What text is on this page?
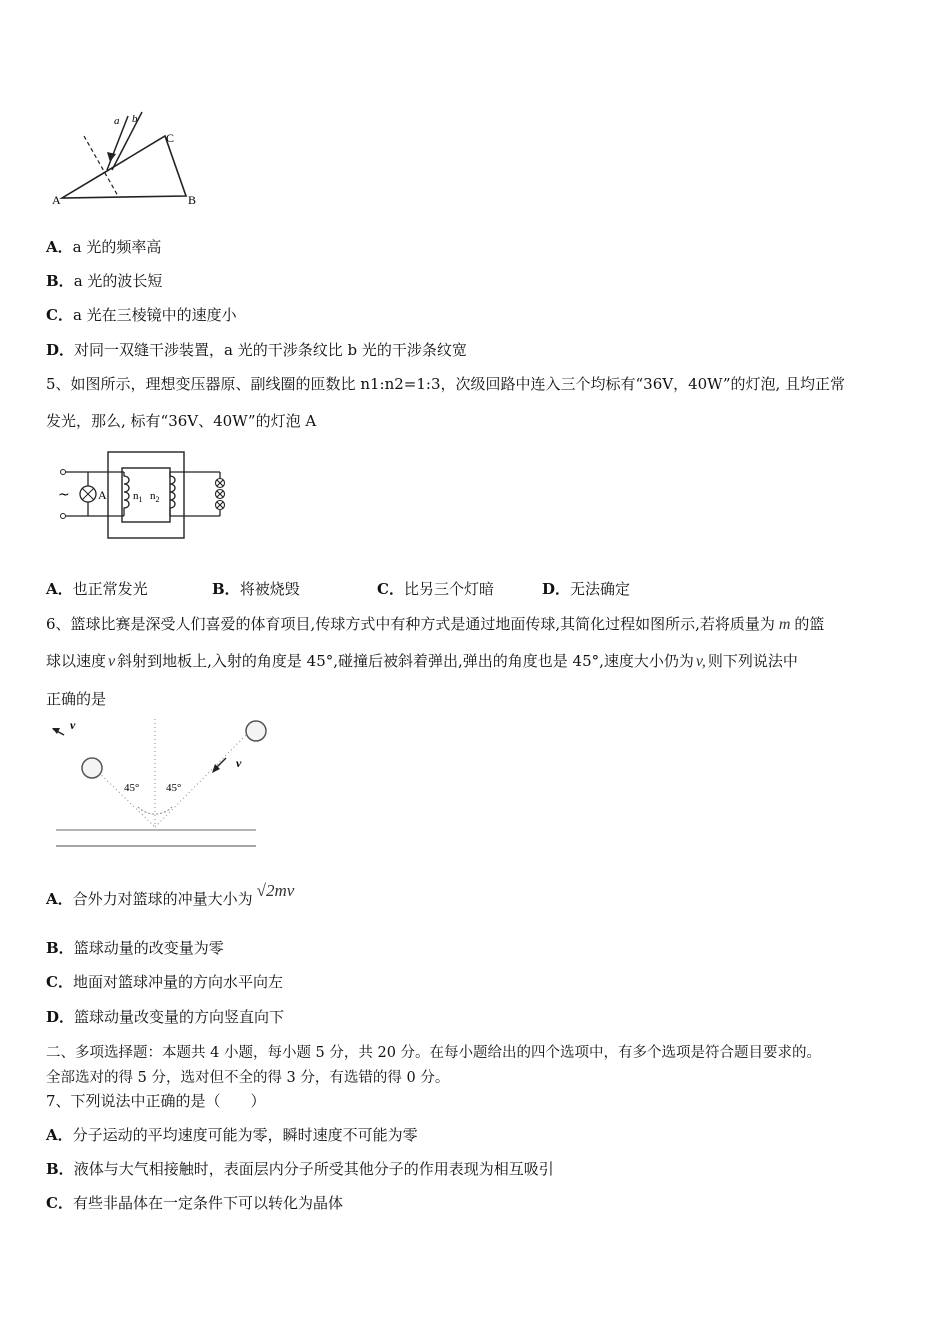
a b
C
A	B
A．a 光的频率高
B．a 光的波长短
C．a 光在三棱镜中的速度小
D．对同一双缝干涉装置，a 光的干涉条纹比 b 光的干涉条纹宽
5、如图所示，理想变压器原、副线圈的匝数比 n1:n2=1:3，次级回路中连入三个均标有“36V，40W”的灯泡, 且均正常
发光，那么, 标有“36V、40W”的灯泡 A
~ A $n_1$ $n_2$
A．也正常发光	B．将被烧毁	C．比另三个灯暗	D．无法确定
6、篮球比赛是深受人们喜爱的体育项目,传球方式中有种方式是通过地面传球,其简化过程如图所示,若将质量为 m 的篮
球以速度 v 斜射到地板上,入射的角度是 45°,碰撞后被斜着弹出,弹出的角度也是 45°,速度大小仍为 v, 则下列说法中
正确的是
v
v
45° 45°
A．合外力对篮球的冲量大小为 √2mv
B．篮球动量的改变量为零
C．地面对篮球冲量的方向水平向左
D．篮球动量改变量的方向竖直向下
二、多项选择题：本题共 4 小题，每小题 5 分，共 20 分。在每小题给出的四个选项中，有多个选项是符合题目要求的。
全部选对的得 5 分，选对但不全的得 3 分，有选错的得 0 分。
7、下列说法中正确的是（　　）
A．分子运动的平均速度可能为零，瞬时速度不可能为零
B．液体与大气相接触时，表面层内分子所受其他分子的作用表现为相互吸引
C．有些非晶体在一定条件下可以转化为晶体
